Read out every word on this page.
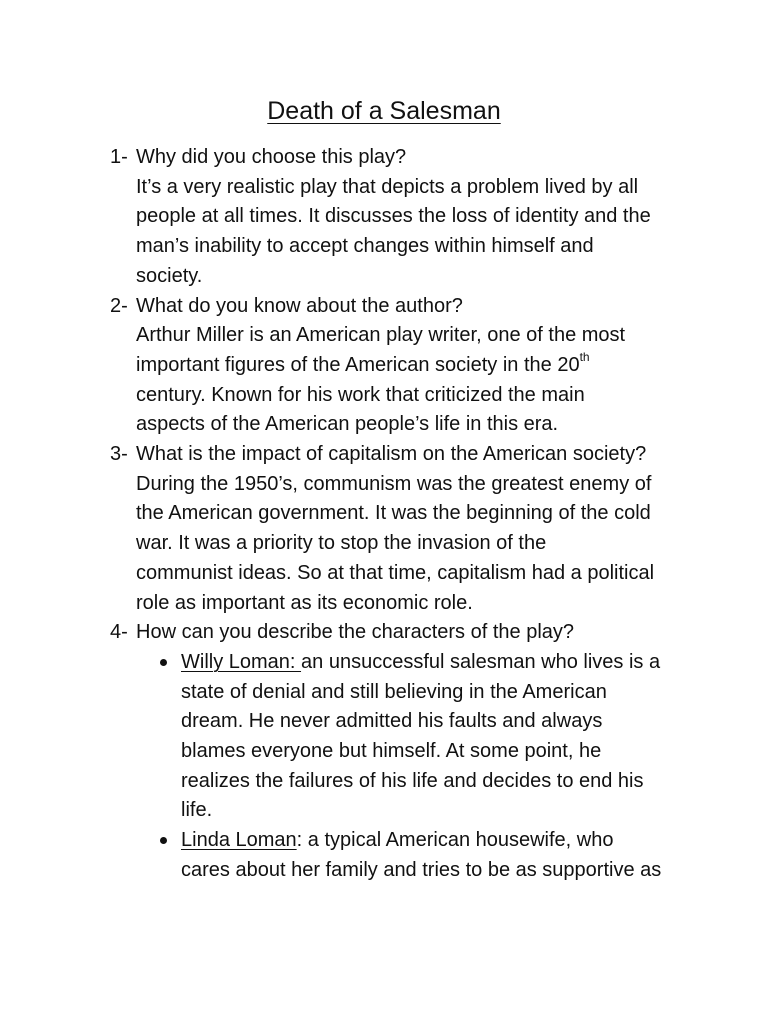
Death of a Salesman
1- Why did you choose this play?
It’s a very realistic play that depicts a problem lived by all
people at all times. It discusses the loss of identity and the
man’s inability to accept changes within himself and
society.
2- What do you know about the author?
Arthur Miller is an American play writer, one of the most
important figures of the American society in the 20th
century. Known for his work that criticized the main
aspects of the American people’s life in this era.
3- What is the impact of capitalism on the American society?
During the 1950’s, communism was the greatest enemy of
the American government. It was the beginning of the cold
war. It was a priority to stop the invasion of the
communist ideas. So at that time, capitalism had a political
role as important as its economic role.
4- How can you describe the characters of the play?
Willy Loman: an unsuccessful salesman who lives is a
state of denial and still believing in the American
dream. He never admitted his faults and always
blames everyone but himself. At some point, he
realizes the failures of his life and decides to end his
life.
Linda Loman: a typical American housewife, who
cares about her family and tries to be as supportive as
